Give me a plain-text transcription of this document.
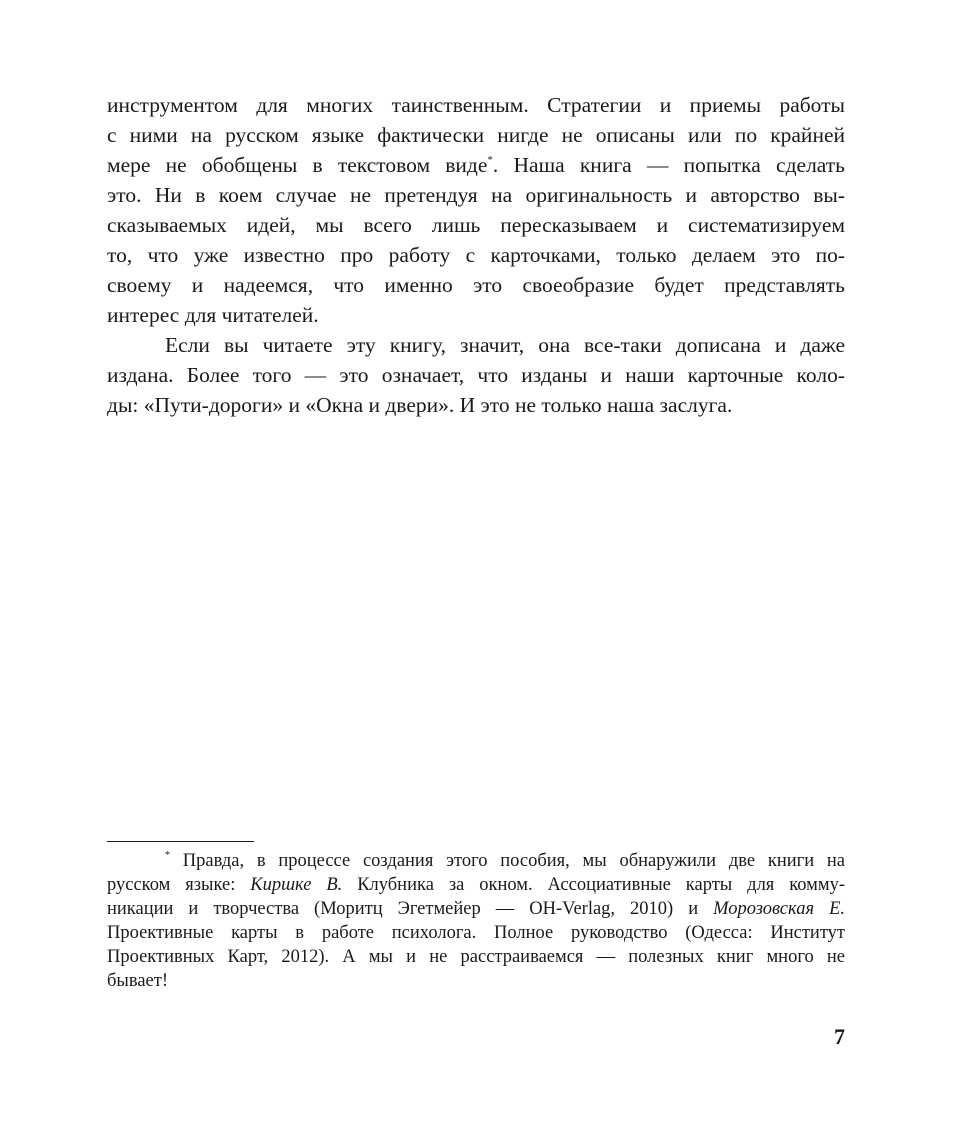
инструментом для многих таинственным. Стратегии и приемы работы
с ними на русском языке фактически нигде не описаны или по крайней
мере не обобщены в текстовом виде*. Наша книга — попытка сделать
это. Ни в коем случае не претендуя на оригинальность и авторство вы-
сказываемых идей, мы всего лишь пересказываем и систематизируем
то, что уже известно про работу с карточками, только делаем это по-
своему и надеемся, что именно это своеобразие будет представлять
интерес для читателей.
Если вы читаете эту книгу, значит, она все-таки дописана и даже
издана. Более того — это означает, что изданы и наши карточные коло-
ды: «Пути-дороги» и «Окна и двери». И это не только наша заслуга.
* Правда, в процессе создания этого пособия, мы обнаружили две книги на
русском языке: Киршке В. Клубника за окном. Ассоциативные карты для комму-
никации и творчества (Моритц Эгетмейер — OH-Verlag, 2010) и Морозовская Е.
Проективные карты в работе психолога. Полное руководство (Одесса: Институт
Проективных Карт, 2012). А мы и не расстраиваемся — полезных книг много не
бывает!
7
